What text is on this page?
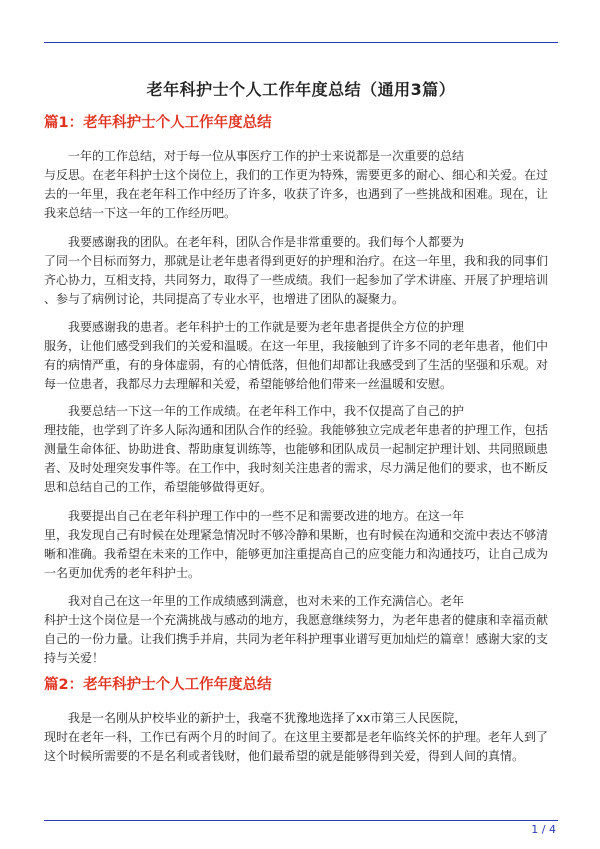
老年科护士个人工作年度总结（通用3篇）
篇1：老年科护士个人工作年度总结
一年的工作总结，对于每一位从事医疗工作的护士来说都是一次重要的总结
与反思。在老年科护士这个岗位上，我们的工作更为特殊，需要更多的耐心、细心和关爱。在过
去的一年里，我在老年科工作中经历了许多，收获了许多，也遇到了一些挑战和困难。现在，让
我来总结一下这一年的工作经历吧。
我要感谢我的团队。在老年科，团队合作是非常重要的。我们每个人都要为
了同一个目标而努力，那就是让老年患者得到更好的护理和治疗。在这一年里，我和我的同事们
齐心协力，互相支持，共同努力，取得了一些成绩。我们一起参加了学术讲座、开展了护理培训
、参与了病例讨论，共同提高了专业水平，也增进了团队的凝聚力。
我要感谢我的患者。老年科护士的工作就是要为老年患者提供全方位的护理
服务，让他们感受到我们的关爱和温暖。在这一年里，我接触到了许多不同的老年患者，他们中
有的病情严重，有的身体虚弱，有的心情低落，但他们却都让我感受到了生活的坚强和乐观。对
每一位患者，我都尽力去理解和关爱，希望能够给他们带来一丝温暖和安慰。
我要总结一下这一年的工作成绩。在老年科工作中，我不仅提高了自己的护
理技能，也学到了许多人际沟通和团队合作的经验。我能够独立完成老年患者的护理工作，包括
测量生命体征、协助进食、帮助康复训练等，也能够和团队成员一起制定护理计划、共同照顾患
者、及时处理突发事件等。在工作中，我时刻关注患者的需求，尽力满足他们的要求，也不断反
思和总结自己的工作，希望能够做得更好。
我要提出自己在老年科护理工作中的一些不足和需要改进的地方。在这一年
里，我发现自己有时候在处理紧急情况时不够冷静和果断，也有时候在沟通和交流中表达不够清
晰和准确。我希望在未来的工作中，能够更加注重提高自己的应变能力和沟通技巧，让自己成为
一名更加优秀的老年科护士。
我对自己在这一年里的工作成绩感到满意，也对未来的工作充满信心。老年
科护士这个岗位是一个充满挑战与感动的地方，我愿意继续努力，为老年患者的健康和幸福贡献
自己的一份力量。让我们携手并肩，共同为老年科护理事业谱写更加灿烂的篇章！感谢大家的支
持与关爱！
篇2：老年科护士个人工作年度总结
我是一名刚从护校毕业的新护士，我毫不犹豫地选择了xx市第三人民医院，
现时在老年一科，工作已有两个月的时间了。在这里主要都是老年临终关怀的护理。老年人到了
这个时候所需要的不是名利或者钱财，他们最希望的就是能够得到关爱，得到人间的真情。
1 / 4
